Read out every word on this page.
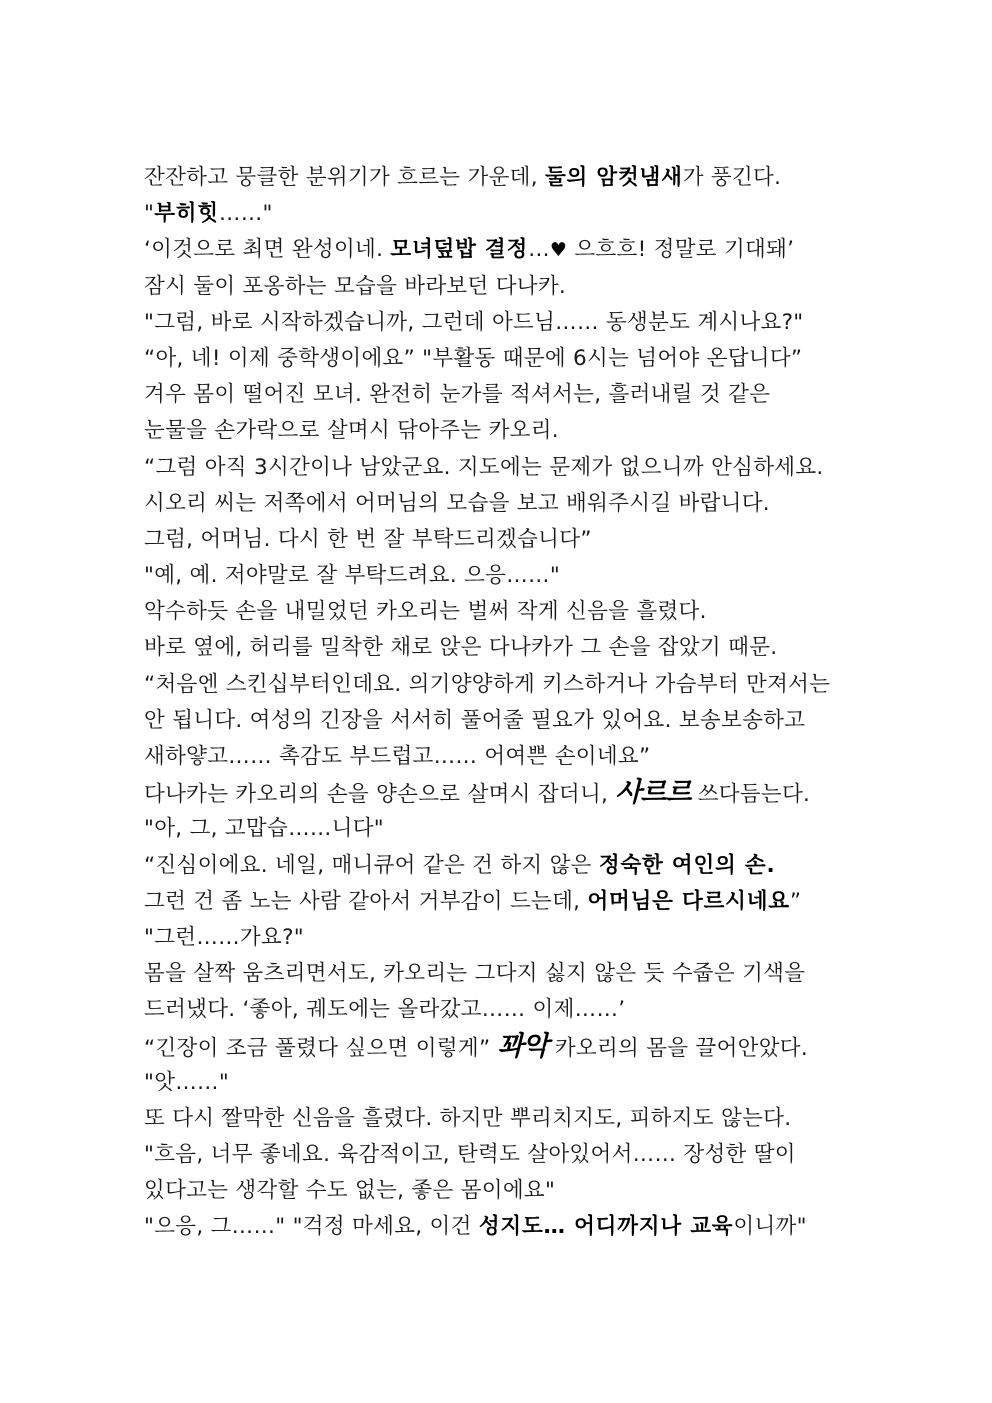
잔잔하고 뭉클한 분위기가 흐르는 가운데, 둘의 암컷냄새가 풍긴다.
"부히힛……"
‘이것으로 최면 완성이네. 모녀덮밥 결정…♥ 으흐흐! 정말로 기대돼’
잠시 둘이 포옹하는 모습을 바라보던 다나카.
"그럼, 바로 시작하겠습니까, 그런데 아드님…… 동생분도 계시나요?"
“아, 네! 이제 중학생이에요” "부활동 때문에 6시는 넘어야 온답니다”
겨우 몸이 떨어진 모녀. 완전히 눈가를 적셔서는, 흘러내릴 것 같은
눈물을 손가락으로 살며시 닦아주는 카오리.
“그럼 아직 3시간이나 남았군요. 지도에는 문제가 없으니까 안심하세요.
시오리 씨는 저쪽에서 어머님의 모습을 보고 배워주시길 바랍니다.
그럼, 어머님. 다시 한 번 잘 부탁드리겠습니다”
"예, 예. 저야말로 잘 부탁드려요. 으응……"
악수하듯 손을 내밀었던 카오리는 벌써 작게 신음을 흘렸다.
바로 옆에, 허리를 밀착한 채로 앉은 다나카가 그 손을 잡았기 때문.
“처음엔 스킨십부터인데요. 의기양양하게 키스하거나 가슴부터 만져서는
안 됩니다. 여성의 긴장을 서서히 풀어줄 필요가 있어요. 보송보송하고
새하얗고…… 촉감도 부드럽고…… 어여쁜 손이네요”
다나카는 카오리의 손을 양손으로 살며시 잡더니, 사르르 쓰다듬는다.
"아, 그, 고맙습……니다"
“진심이에요. 네일, 매니큐어 같은 건 하지 않은 정숙한 여인의 손.
그런 건 좀 노는 사람 같아서 거부감이 드는데, 어머님은 다르시네요”
"그런……가요?"
몸을 살짝 움츠리면서도, 카오리는 그다지 싫지 않은 듯 수줍은 기색을
드러냈다. ‘좋아, 궤도에는 올라갔고…… 이제……’
“긴장이 조금 풀렸다 싶으면 이렇게” 꽈악 카오리의 몸을 끌어안았다.
"앗……"
또 다시 짤막한 신음을 흘렸다. 하지만 뿌리치지도, 피하지도 않는다.
"흐음, 너무 좋네요. 육감적이고, 탄력도 살아있어서…… 장성한 딸이
있다고는 생각할 수도 없는, 좋은 몸이에요"
"으응, 그……" "걱정 마세요, 이건 성지도… 어디까지나 교육이니까"
